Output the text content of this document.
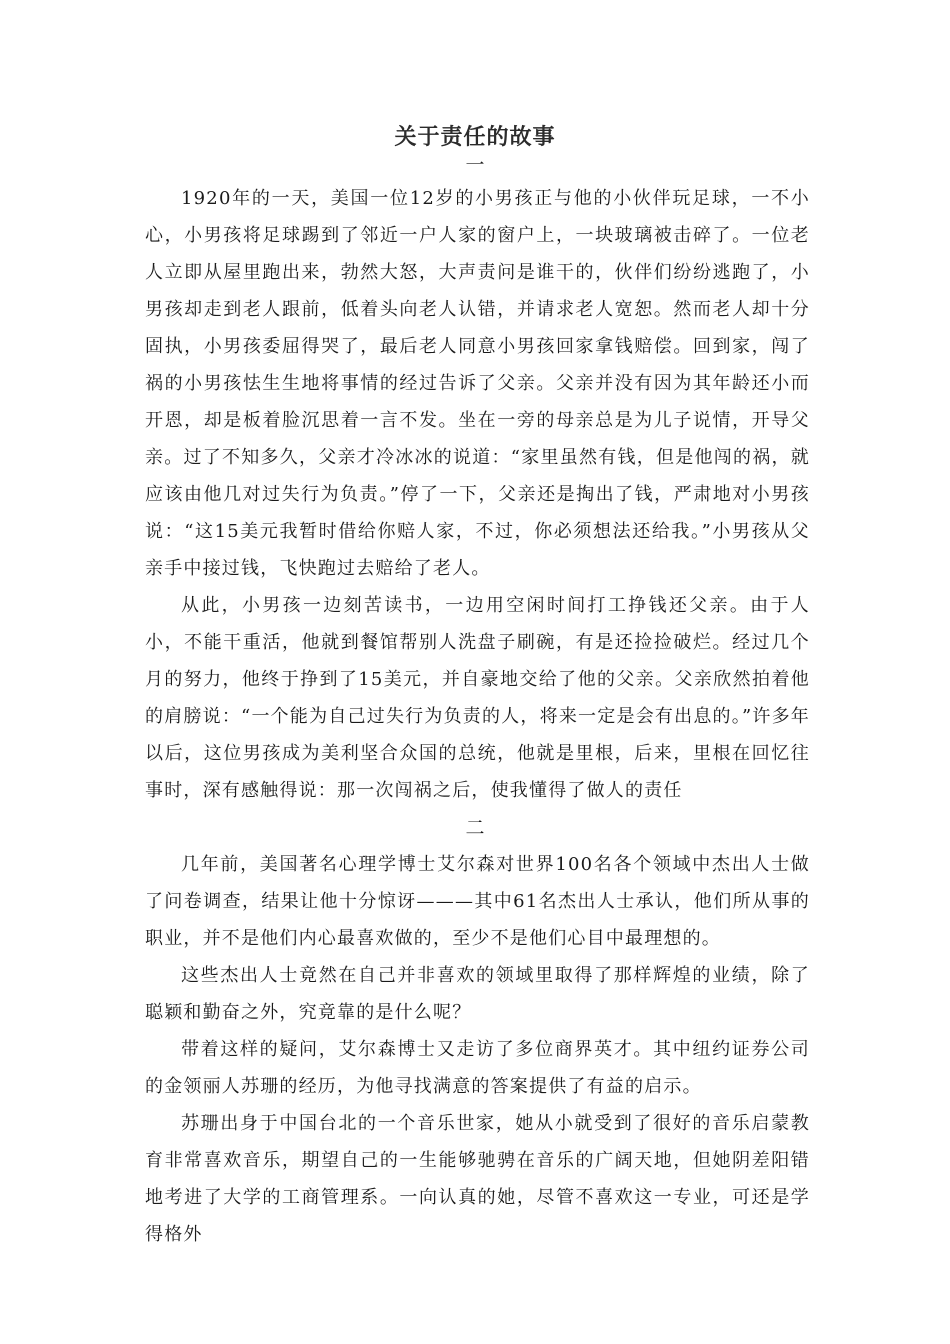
关于责任的故事
一

1920年的一天，美国一位12岁的小男孩正与他的小伙伴玩足球，一不小心，小男孩将足球踢到了邻近一户人家的窗户上，一块玻璃被击碎了。一位老人立即从屋里跑出来，勃然大怒，大声责问是谁干的，伙伴们纷纷逃跑了，小男孩却走到老人跟前，低着头向老人认错，并请求老人宽恕。然而老人却十分固执，小男孩委屈得哭了，最后老人同意小男孩回家拿钱赔偿。回到家，闯了祸的小男孩怯生生地将事情的经过告诉了父亲。父亲并没有因为其年龄还小而开恩，却是板着脸沉思着一言不发。坐在一旁的母亲总是为儿子说情，开导父亲。过了不知多久，父亲才冷冰冰的说道：“家里虽然有钱，但是他闯的祸，就应该由他几对过失行为负责。”停了一下，父亲还是掏出了钱，严肃地对小男孩说：“这15美元我暂时借给你赔人家，不过，你必须想法还给我。”小男孩从父亲手中接过钱，飞快跑过去赔给了老人。

从此，小男孩一边刻苦读书，一边用空闲时间打工挣钱还父亲。由于人小，不能干重活，他就到餐馆帮别人洗盘子刷碗，有是还捡捡破烂。经过几个月的努力，他终于挣到了15美元，并自豪地交给了他的父亲。父亲欣然拍着他的肩膀说：“一个能为自己过失行为负责的人，将来一定是会有出息的。”许多年以后，这位男孩成为美利坚合众国的总统，他就是里根，后来，里根在回忆往事时，深有感触得说：那一次闯祸之后，使我懂得了做人的责任

二

几年前，美国著名心理学博士艾尔森对世界100名各个领域中杰出人士做了问卷调查，结果让他十分惊讶———其中61名杰出人士承认，他们所从事的职业，并不是他们内心最喜欢做的，至少不是他们心目中最理想的。

这些杰出人士竟然在自己并非喜欢的领域里取得了那样辉煌的业绩，除了聪颖和勤奋之外，究竟靠的是什么呢？

带着这样的疑问，艾尔森博士又走访了多位商界英才。其中纽约证券公司的金领丽人苏珊的经历，为他寻找满意的答案提供了有益的启示。

苏珊出身于中国台北的一个音乐世家，她从小就受到了很好的音乐启蒙教育非常喜欢音乐，期望自己的一生能够驰骋在音乐的广阔天地，但她阴差阳错地考进了大学的工商管理系。一向认真的她，尽管不喜欢这一专业，可还是学得格外
